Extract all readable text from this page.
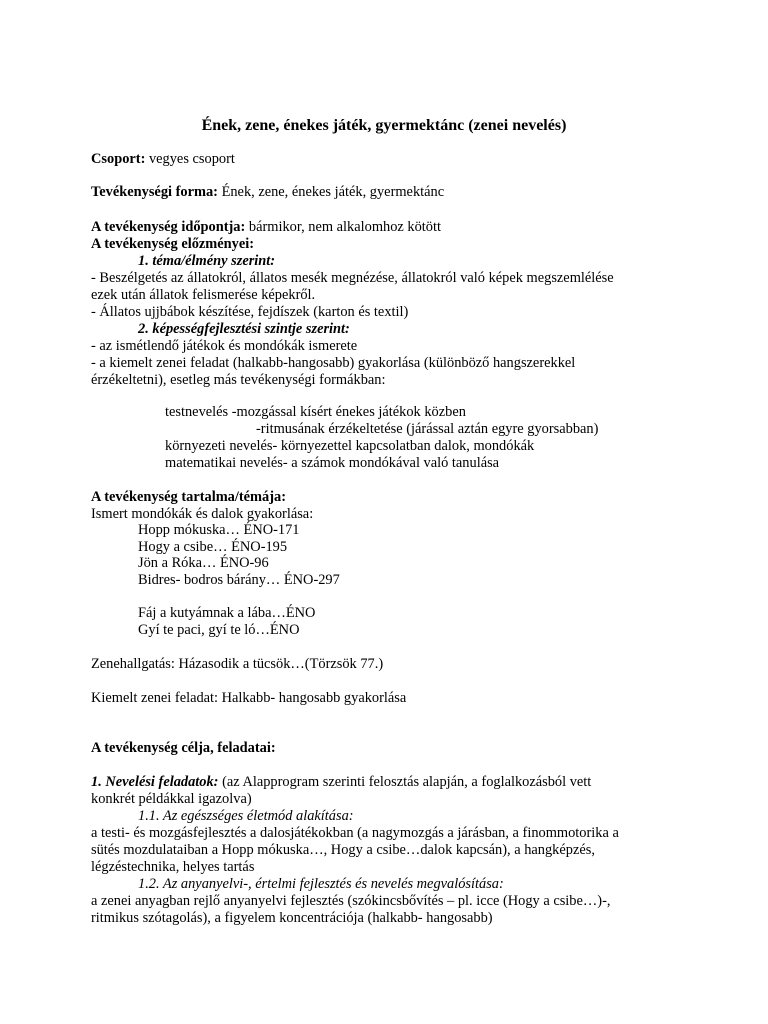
Ének, zene, énekes játék, gyermektánc (zenei nevelés)
Csoport: vegyes csoport
Tevékenységi forma: Ének, zene, énekes játék, gyermektánc
A tevékenység időpontja: bármikor, nem alkalomhoz kötött
A tevékenység előzményei:
1. téma/élmény szerint:
- Beszélgetés az állatokról, állatos mesék megnézése, állatokról való képek megszemlélése
ezek után állatok felismerése képekről.
- Állatos ujjbábok készítése, fejdíszek (karton és textil)
2. képességfejlesztési szintje szerint:
- az ismétlendő játékok és mondókák ismerete
- a kiemelt zenei feladat (halkabb-hangosabb) gyakorlása (különböző hangszerekkel
érzékeltetni), esetleg más tevékenységi formákban:
testnevelés -mozgással kísért énekes játékok közben
-ritmusának érzékeltetése (járással aztán egyre gyorsabban)
környezeti nevelés- környezettel kapcsolatban dalok, mondókák
matematikai nevelés- a számok mondókával való tanulása
A tevékenység tartalma/témája:
Ismert mondókák és dalok gyakorlása:
Hopp mókuska… ÉNO-171
Hogy a csibe… ÉNO-195
Jön a Róka… ÉNO-96
Bidres- bodros bárány… ÉNO-297
Fáj a kutyámnak a lába…ÉNO
Gyí te paci, gyí te ló…ÉNO
Zenehallgatás: Házasodik a tücsök…(Törzsök 77.)
Kiemelt zenei feladat: Halkabb- hangosabb gyakorlása
A tevékenység célja, feladatai:
1. Nevelési feladatok: (az Alapprogram szerinti felosztás alapján, a foglalkozásból vett
konkrét példákkal igazolva)
1.1. Az egészséges életmód alakítása:
a testi- és mozgásfejlesztés a dalosjátékokban (a nagymozgás a járásban, a finommotorika a
sütés mozdulataiban a Hopp mókuska…, Hogy a csibe…dalok kapcsán), a hangképzés,
légzéstechnika, helyes tartás
1.2. Az anyanyelvi-, értelmi fejlesztés és nevelés megvalósítása:
a zenei anyagban rejlő anyanyelvi fejlesztés (szókincsbővítés – pl. icce (Hogy a csibe…)-,
ritmikus szótagolás), a figyelem koncentrációja (halkabb- hangosabb)
